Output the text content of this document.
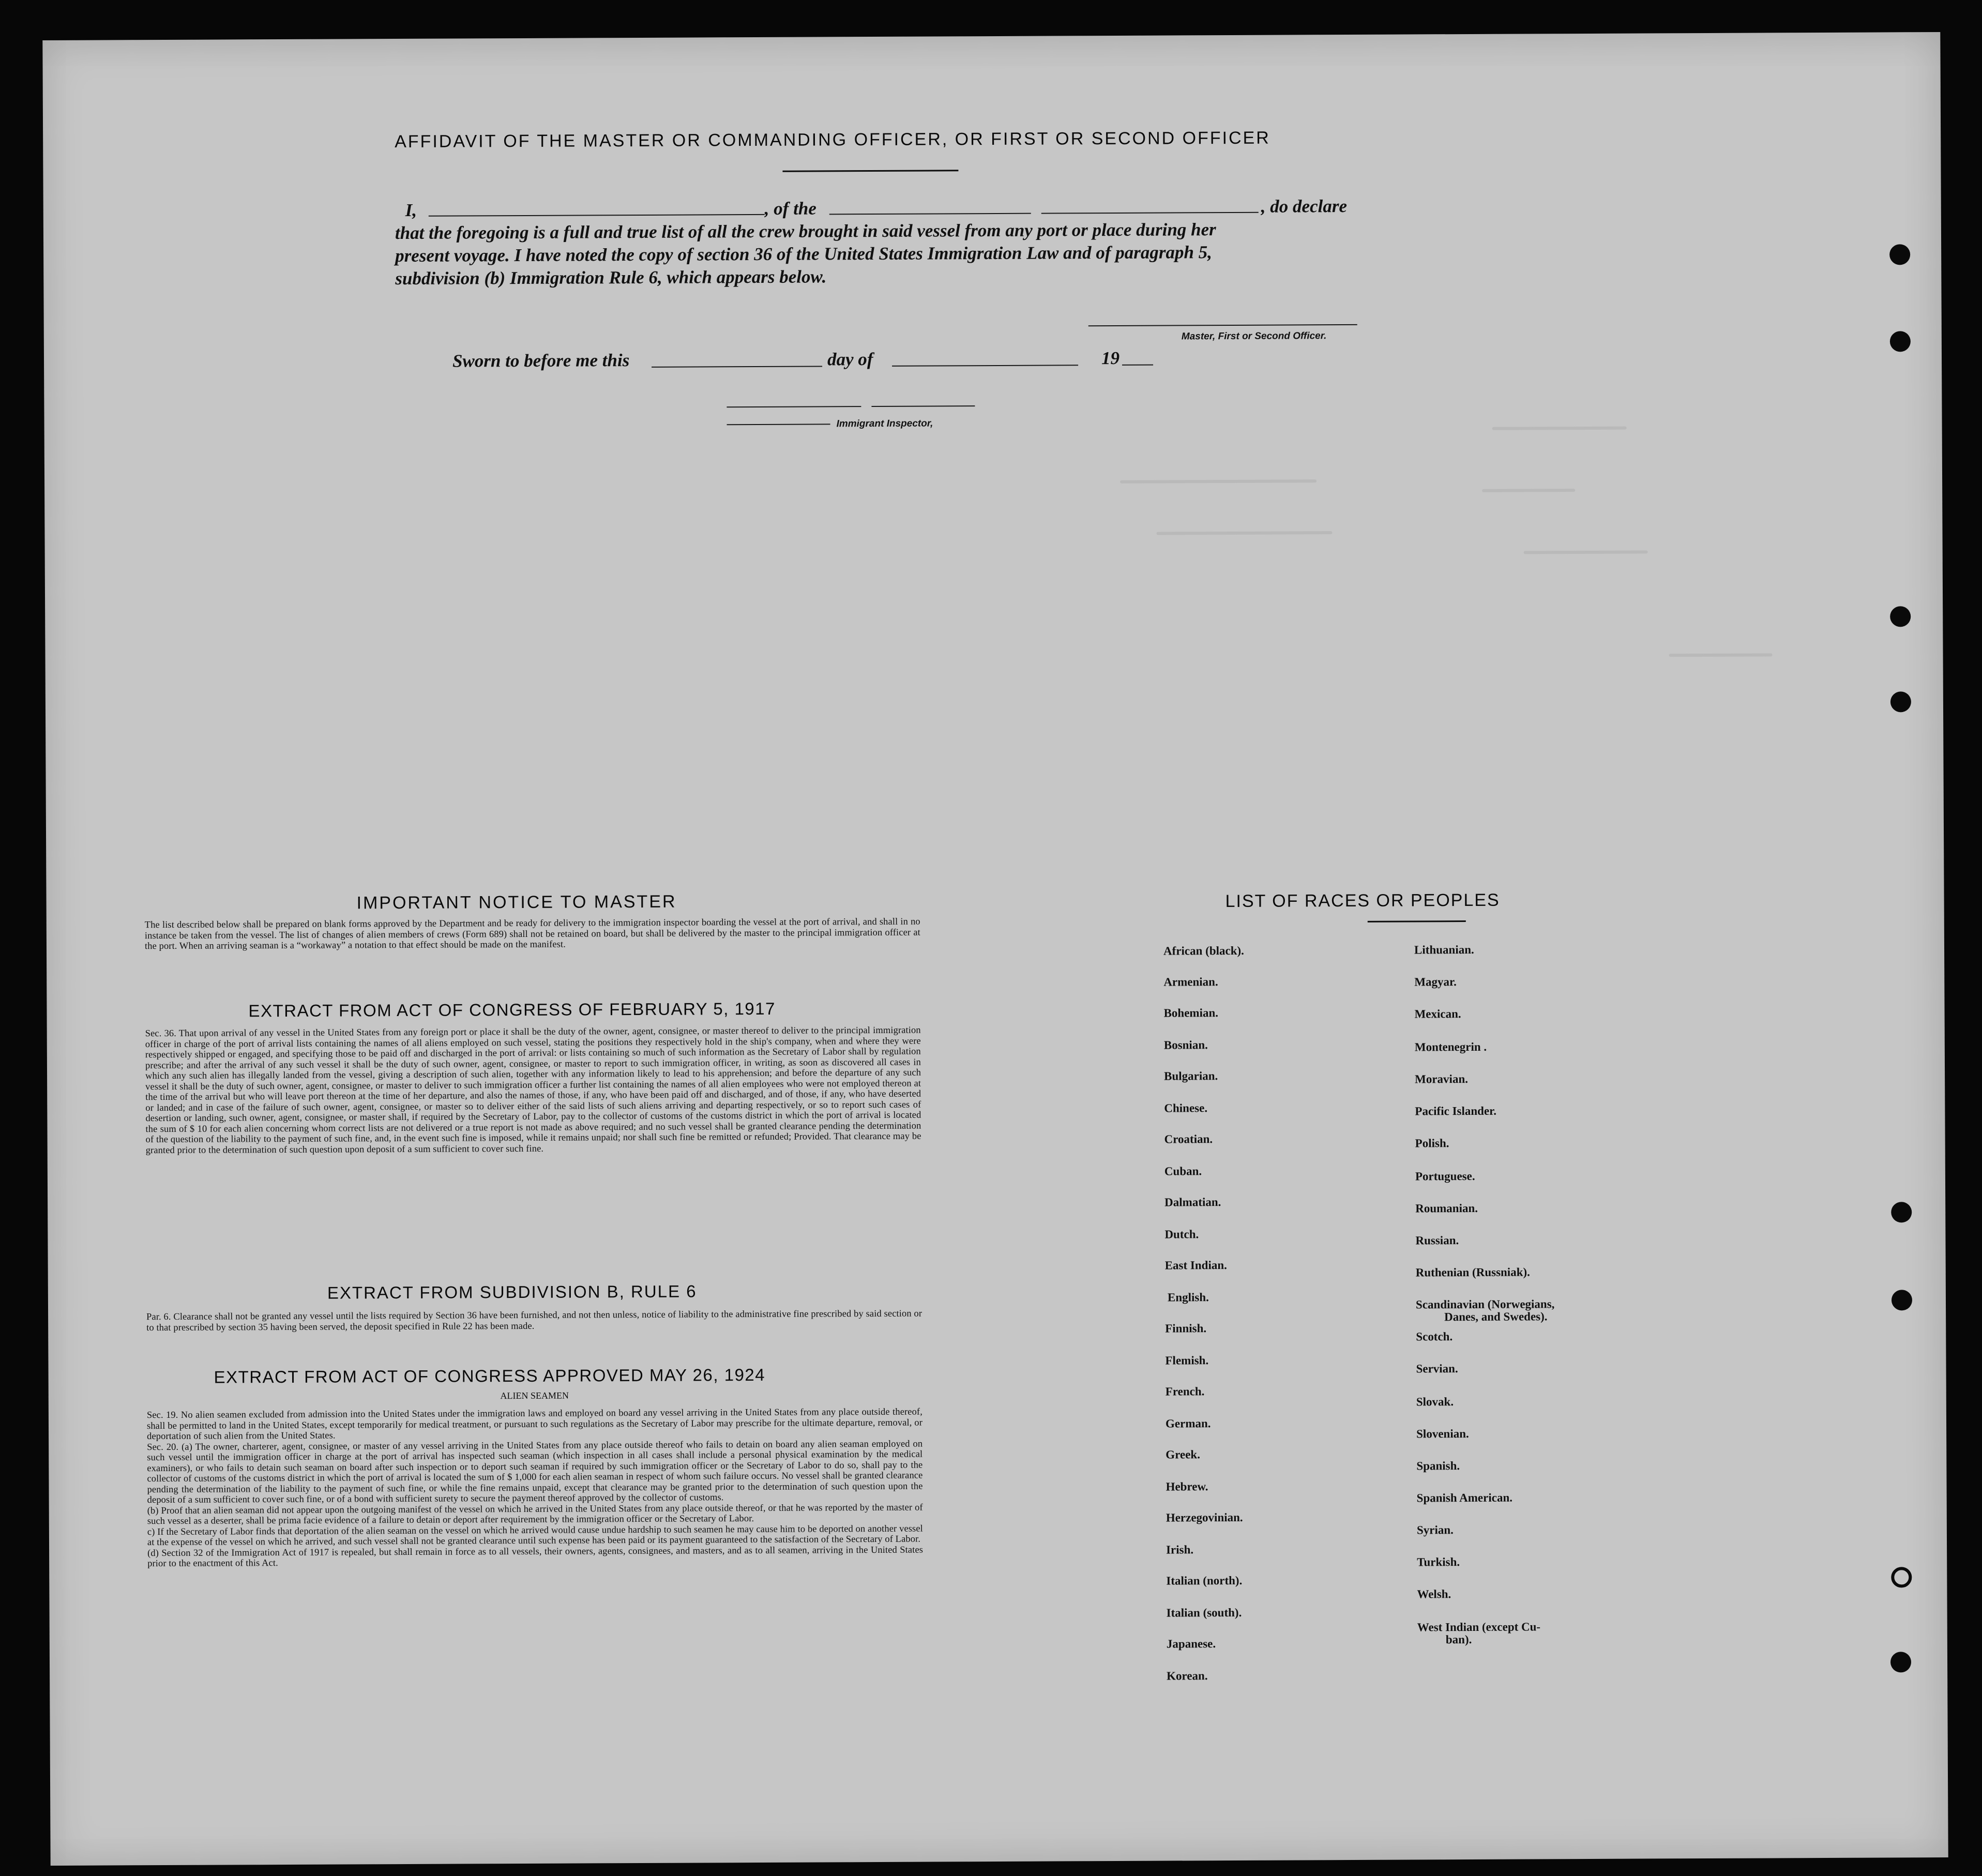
AFFIDAVIT OF THE MASTER OR COMMANDING OFFICER, OR FIRST OR SECOND OFFICER
I,	, of the	, do declare
that the foregoing is a full and true list of all the crew brought in said vessel from any port or place during her
present voyage. I have noted the copy of section 36 of the United States Immigration Law and of paragraph 5,
subdivision (b) Immigration Rule 6, which appears below.
Master, First or Second Officer.
Sworn to before me this	day of	19
Immigrant Inspector,
IMPORTANT NOTICE TO MASTER
The list described below shall be prepared on blank forms approved by the Department and be ready for delivery to the immigration inspector boarding the vessel at the port of arrival, and shall in no instance be taken from the vessel. The list of changes of alien members of crews (Form 689) shall not be retained on board, but shall be delivered by the master to the principal immigration officer at the port. When an arriving seaman is a “workaway” a notation to that effect should be made on the manifest.
EXTRACT FROM ACT OF CONGRESS OF FEBRUARY 5, 1917
Sec. 36. That upon arrival of any vessel in the United States from any foreign port or place it shall be the duty of the owner, agent, consignee, or master thereof to deliver to the principal immigration officer in charge of the port of arrival lists containing the names of all aliens employed on such vessel, stating the positions they respectively hold in the ship's company, when and where they were respectively shipped or engaged, and specifying those to be paid off and discharged in the port of arrival: or lists containing so much of such information as the Secretary of Labor shall by regulation prescribe; and after the arrival of any such vessel it shall be the duty of such owner, agent, consignee, or master to report to such immigration officer, in writing, as soon as discovered all cases in which any such alien has illegally landed from the vessel, giving a description of such alien, together with any information likely to lead to his apprehension; and before the departure of any such vessel it shall be the duty of such owner, agent, consignee, or master to deliver to such immigration officer a further list containing the names of all alien employees who were not employed thereon at the time of the arrival but who will leave port thereon at the time of her departure, and also the names of those, if any, who have been paid off and discharged, and of those, if any, who have deserted or landed; and in case of the failure of such owner, agent, consignee, or master so to deliver either of the said lists of such aliens arriving and departing respectively, or so to report such cases of desertion or landing, such owner, agent, consignee, or master shall, if required by the Secretary of Labor, pay to the collector of customs of the customs district in which the port of arrival is located the sum of $ 10 for each alien concerning whom correct lists are not delivered or a true report is not made as above required; and no such vessel shall be granted clearance pending the determination of the question of the liability to the payment of such fine, and, in the event such fine is imposed, while it remains unpaid; nor shall such fine be remitted or refunded; Provided. That clearance may be granted prior to the determination of such question upon deposit of a sum sufficient to cover such fine.
EXTRACT FROM SUBDIVISION B, RULE 6
Par. 6. Clearance shall not be granted any vessel until the lists required by Section 36 have been furnished, and not then unless, notice of liability to the administrative fine prescribed by said section or to that prescribed by section 35 having been served, the deposit specified in Rule 22 has been made.
EXTRACT FROM ACT OF CONGRESS APPROVED MAY 26, 1924
ALIEN SEAMEN

Sec. 19. No alien seamen excluded from admission into the United States under the immigration laws and employed on board any vessel arriving in the United States from any place outside thereof, shall be permitted to land in the United States, except temporarily for medical treatment, or pursuant to such regulations as the Secretary of Labor may prescribe for the ultimate departure, removal, or deportation of such alien from the United States.

Sec. 20. (a) The owner, charterer, agent, consignee, or master of any vessel arriving in the United States from any place outside thereof who fails to detain on board any alien seaman employed on such vessel until the immigration officer in charge at the port of arrival has inspected such seaman (which inspection in all cases shall include a personal physical examination by the medical examiners), or who fails to detain such seaman on board after such inspection or to deport such seaman if required by such immigration officer or the Secretary of Labor to do so, shall pay to the collector of customs of the customs district in which the port of arrival is located the sum of $ 1,000 for each alien seaman in respect of whom such failure occurs. No vessel shall be granted clearance pending the determination of the liability to the payment of such fine, or while the fine remains unpaid, except that clearance may be granted prior to the determination of such question upon the deposit of a sum sufficient to cover such fine, or of a bond with sufficient surety to secure the payment thereof approved by the collector of customs.

(b) Proof that an alien seaman did not appear upon the outgoing manifest of the vessel on which he arrived in the United States from any place outside thereof, or that he was reported by the master of such vessel as a deserter, shall be prima facie evidence of a failure to detain or deport after requirement by the immigration officer or the Secretary of Labor.

c) If the Secretary of Labor finds that deportation of the alien seaman on the vessel on which he arrived would cause undue hardship to such seamen he may cause him to be deported on another vessel at the expense of the vessel on which he arrived, and such vessel shall not be granted clearance until such expense has been paid or its payment guaranteed to the satisfaction of the Secretary of Labor.

(d) Section 32 of the Immigration Act of 1917 is repealed, but shall remain in force as to all vessels, their owners, agents, consignees, and masters, and as to all seamen, arriving in the United States prior to the enactment of this Act.

LIST OF RACES OR PEOPLES
African (black).
Armenian.
Bohemian.
Bosnian.
Bulgarian.
Chinese.
Croatian.
Cuban.
Dalmatian.
Dutch.
East Indian.
English.
Finnish.
Flemish.
French.
German.
Greek.
Hebrew.
Herzegovinian.
Irish.
Italian (north).
Italian (south).
Japanese.
Korean.
Lithuanian.
Magyar.
Mexican.
Montenegrin .
Moravian.
Pacific Islander.
Polish.
Portuguese.
Roumanian.
Russian.
Ruthenian (Russniak).
Scandinavian (Norwegians,
Danes, and Swedes).
Scotch.
Servian.
Slovak.
Slovenian.
Spanish.
Spanish American.
Syrian.
Turkish.
Welsh.
West Indian (except Cu-
ban).
